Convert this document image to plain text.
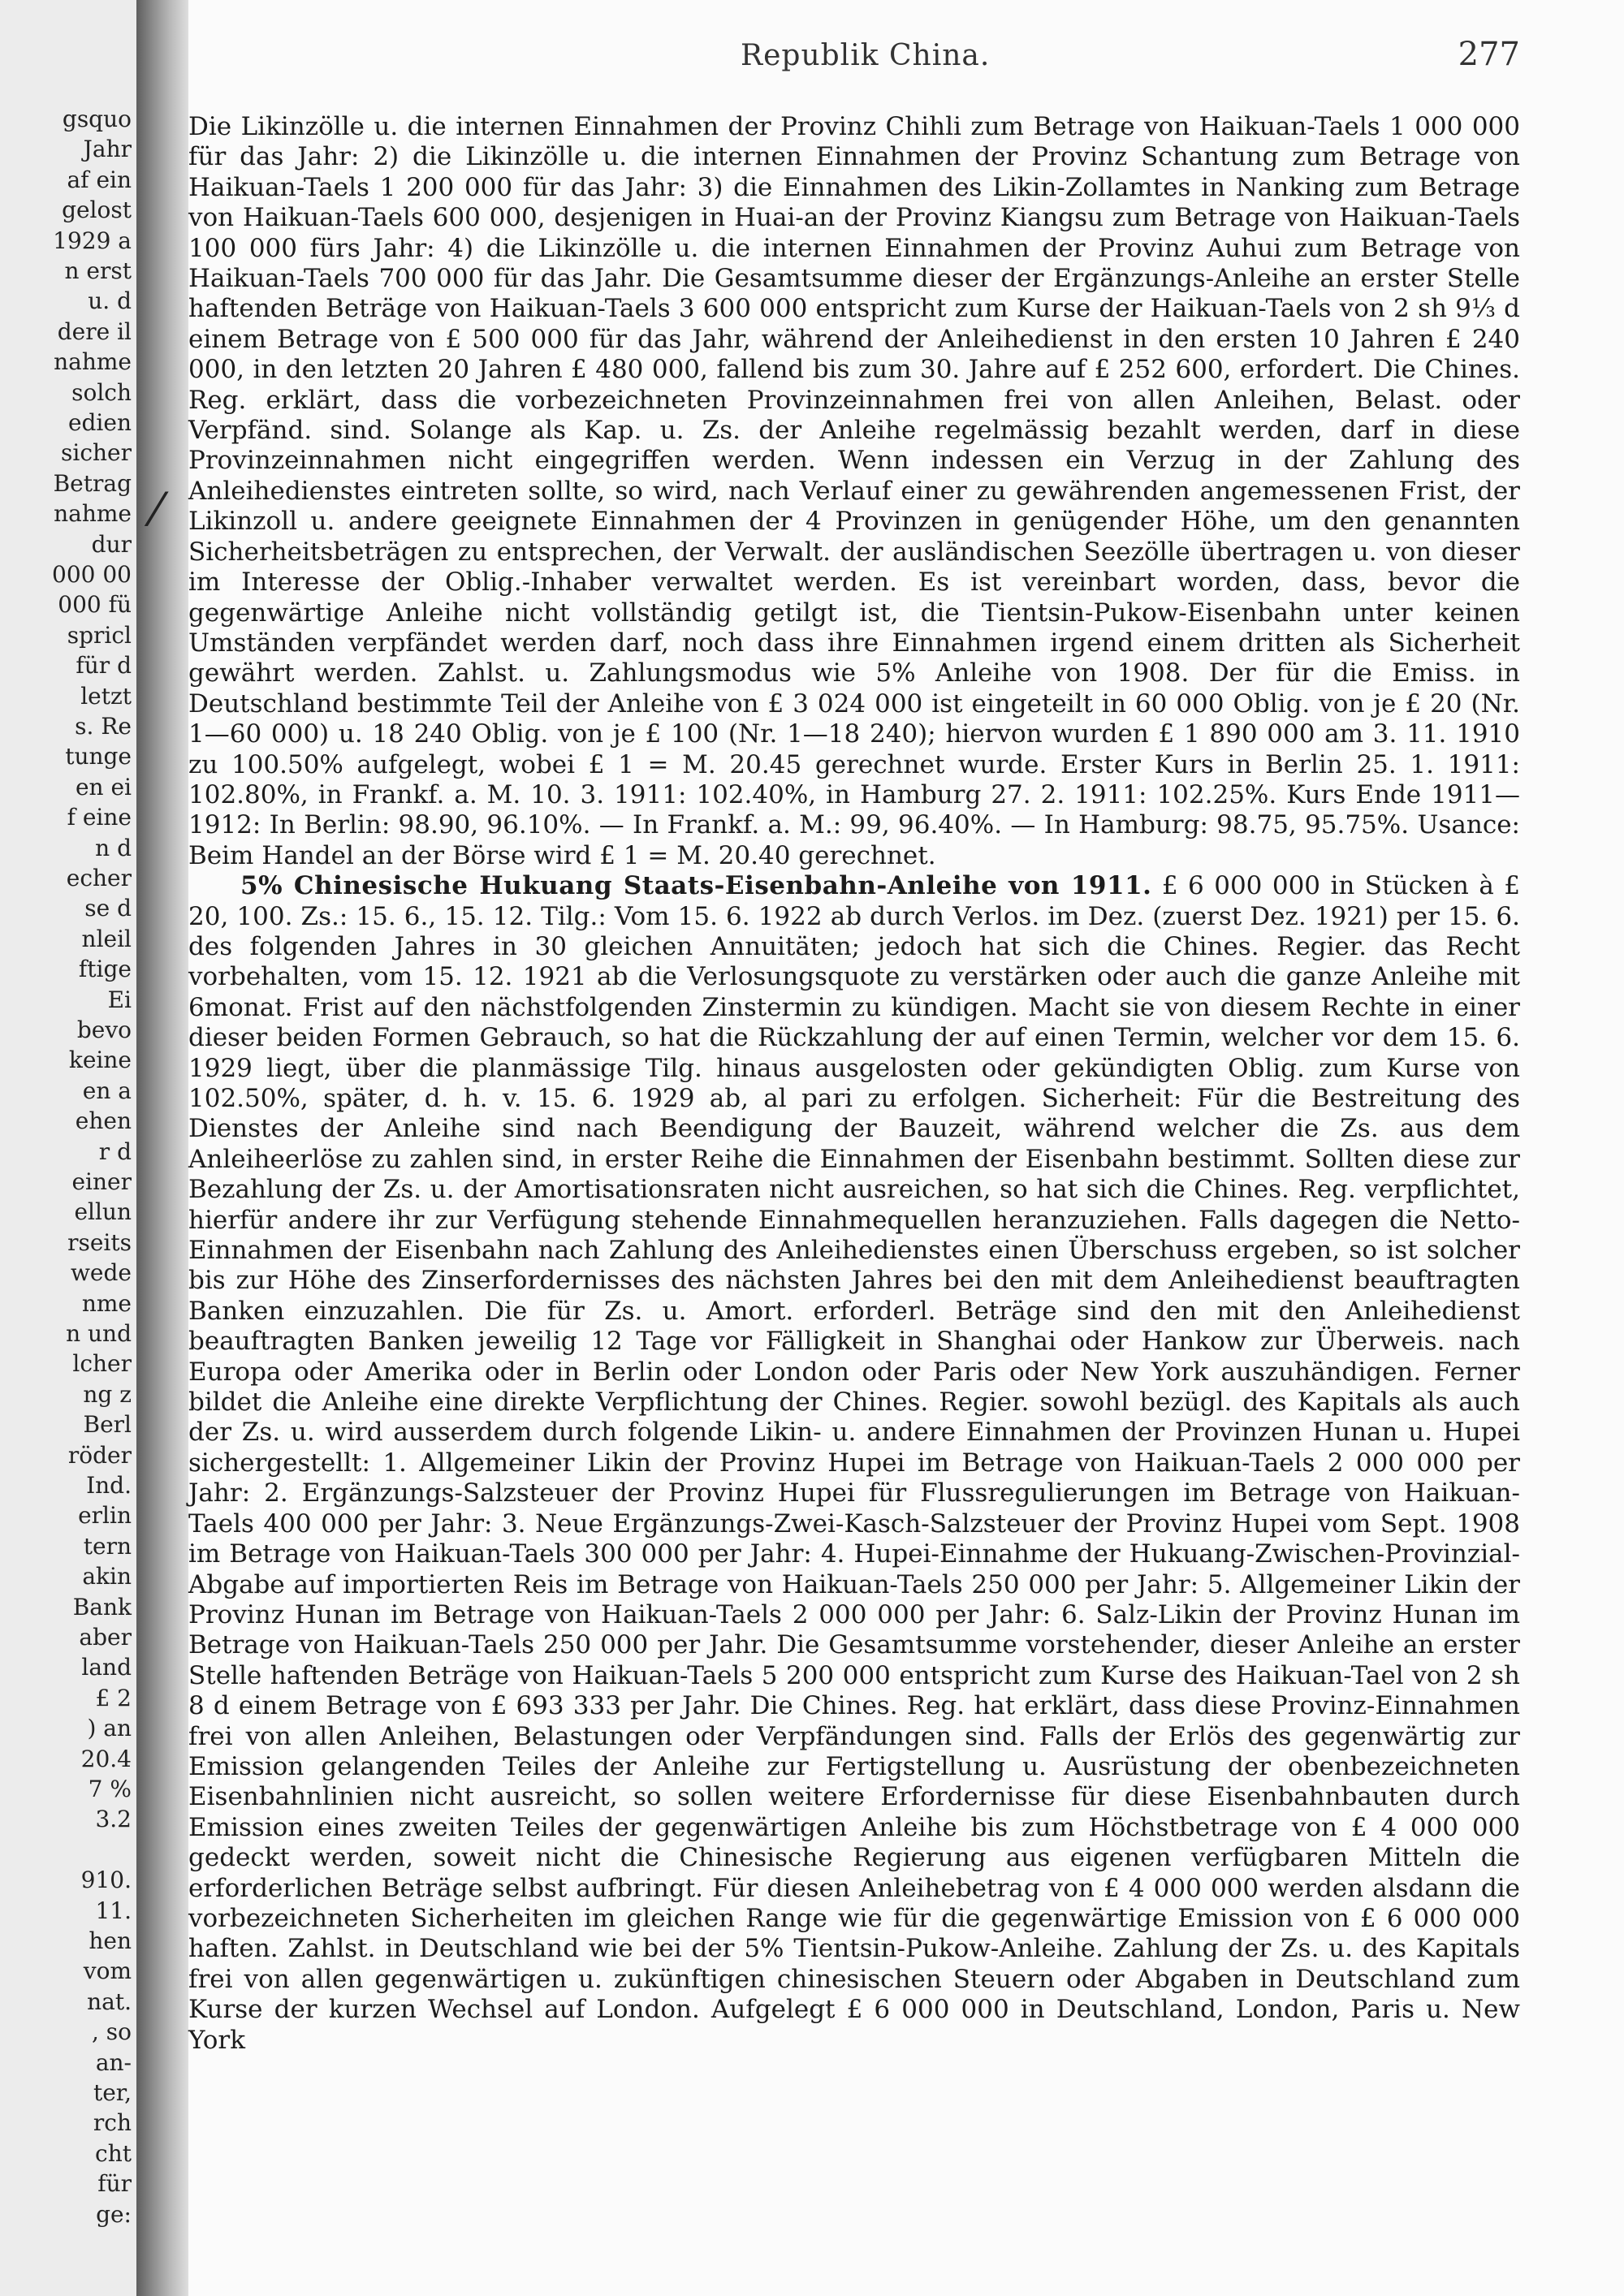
gsquo
Jahr
af ein
gelost
1929 a
n erst
u. d
dere il
nahme
solch
edien
sicher
Betrag
nahme
dur
000 00
000 fü
spricl
für d
letzt
s. Re
tunge
en ei
f eine
n d
echer
se d
nleil
ftige
Ei
bevo
keine
en a
ehen
r d
einer
ellun
rseits
wede
nme
n und
lcher
ng z
Berl
röder
Ind.
erlin
tern
akin
Bank
aber
land
£ 2
) an
20.4
7 %
3.2
910.
11.
hen
vom
nat.
, so
an-
ter,
rch
cht
für
ge:
⁄
Republik China.	277

Die Likinzölle u. die internen Einnahmen der Provinz Chihli zum Betrage von Haikuan-Taels 1 000 000 für das Jahr: 2) die Likinzölle u. die internen Einnahmen der Provinz Schantung zum Betrage von Haikuan-Taels 1 200 000 für das Jahr: 3) die Einnahmen des Likin-Zollamtes in Nanking zum Betrage von Haikuan-Taels 600 000, desjenigen in Huai-an der Provinz Kiangsu zum Betrage von Haikuan-Taels 100 000 fürs Jahr: 4) die Likinzölle u. die internen Einnahmen der Provinz Auhui zum Betrage von Haikuan-Taels 700 000 für das Jahr. Die Gesamtsumme dieser der Ergänzungs-Anleihe an erster Stelle haftenden Beträge von Haikuan-Taels 3 600 000 entspricht zum Kurse der Haikuan-Taels von 2 sh 9⅓ d einem Betrage von £ 500 000 für das Jahr, während der Anleihedienst in den ersten 10 Jahren £ 240 000, in den letzten 20 Jahren £ 480 000, fallend bis zum 30. Jahre auf £ 252 600, erfordert. Die Chines. Reg. erklärt, dass die vorbezeichneten Provinzeinnahmen frei von allen Anleihen, Belast. oder Verpfänd. sind. Solange als Kap. u. Zs. der Anleihe regelmässig bezahlt werden, darf in diese Provinzeinnahmen nicht eingegriffen werden. Wenn indessen ein Verzug in der Zahlung des Anleihedienstes eintreten sollte, so wird, nach Verlauf einer zu gewährenden angemessenen Frist, der Likinzoll u. andere geeignete Einnahmen der 4 Provinzen in genügender Höhe, um den genannten Sicherheitsbeträgen zu entsprechen, der Verwalt. der ausländischen Seezölle übertragen u. von dieser im Interesse der Oblig.-Inhaber verwaltet werden. Es ist vereinbart worden, dass, bevor die gegenwärtige Anleihe nicht vollständig getilgt ist, die Tientsin-Pukow-Eisenbahn unter keinen Umständen verpfändet werden darf, noch dass ihre Einnahmen irgend einem dritten als Sicherheit gewährt werden. Zahlst. u. Zahlungsmodus wie 5% Anleihe von 1908. Der für die Emiss. in Deutschland bestimmte Teil der Anleihe von £ 3 024 000 ist eingeteilt in 60 000 Oblig. von je £ 20 (Nr. 1—60 000) u. 18 240 Oblig. von je £ 100 (Nr. 1—18 240); hiervon wurden £ 1 890 000 am 3. 11. 1910 zu 100.50% aufgelegt, wobei £ 1 = M. 20.45 gerechnet wurde. Erster Kurs in Berlin 25. 1. 1911: 102.80%, in Frankf. a. M. 10. 3. 1911: 102.40%, in Hamburg 27. 2. 1911: 102.25%. Kurs Ende 1911—1912: In Berlin: 98.90, 96.10%. — In Frankf. a. M.: 99, 96.40%. — In Hamburg: 98.75, 95.75%. Usance: Beim Handel an der Börse wird £ 1 = M. 20.40 gerechnet.

5% Chinesische Hukuang Staats-Eisenbahn-Anleihe von 1911. £ 6 000 000 in Stücken à £ 20, 100. Zs.: 15. 6., 15. 12. Tilg.: Vom 15. 6. 1922 ab durch Verlos. im Dez. (zuerst Dez. 1921) per 15. 6. des folgenden Jahres in 30 gleichen Annuitäten; jedoch hat sich die Chines. Regier. das Recht vorbehalten, vom 15. 12. 1921 ab die Verlosungsquote zu verstärken oder auch die ganze Anleihe mit 6monat. Frist auf den nächstfolgenden Zinstermin zu kündigen. Macht sie von diesem Rechte in einer dieser beiden Formen Gebrauch, so hat die Rückzahlung der auf einen Termin, welcher vor dem 15. 6. 1929 liegt, über die planmässige Tilg. hinaus ausgelosten oder gekündigten Oblig. zum Kurse von 102.50%, später, d. h. v. 15. 6. 1929 ab, al pari zu erfolgen. Sicherheit: Für die Bestreitung des Dienstes der Anleihe sind nach Beendigung der Bauzeit, während welcher die Zs. aus dem Anleiheerlöse zu zahlen sind, in erster Reihe die Einnahmen der Eisenbahn bestimmt. Sollten diese zur Bezahlung der Zs. u. der Amortisationsraten nicht ausreichen, so hat sich die Chines. Reg. verpflichtet, hierfür andere ihr zur Verfügung stehende Einnahmequellen heranzuziehen. Falls dagegen die Netto-Einnahmen der Eisenbahn nach Zahlung des Anleihedienstes einen Überschuss ergeben, so ist solcher bis zur Höhe des Zinserfordernisses des nächsten Jahres bei den mit dem Anleihedienst beauftragten Banken einzuzahlen. Die für Zs. u. Amort. erforderl. Beträge sind den mit den Anleihedienst beauftragten Banken jeweilig 12 Tage vor Fälligkeit in Shanghai oder Hankow zur Überweis. nach Europa oder Amerika oder in Berlin oder London oder Paris oder New York auszuhändigen. Ferner bildet die Anleihe eine direkte Verpflichtung der Chines. Regier. sowohl bezügl. des Kapitals als auch der Zs. u. wird ausserdem durch folgende Likin- u. andere Einnahmen der Provinzen Hunan u. Hupei sichergestellt: 1. Allgemeiner Likin der Provinz Hupei im Betrage von Haikuan-Taels 2 000 000 per Jahr: 2. Ergänzungs-Salzsteuer der Provinz Hupei für Flussregulierungen im Betrage von Haikuan-Taels 400 000 per Jahr: 3. Neue Ergänzungs-Zwei-Kasch-Salzsteuer der Provinz Hupei vom Sept. 1908 im Betrage von Haikuan-Taels 300 000 per Jahr: 4. Hupei-Einnahme der Hukuang-Zwischen-Provinzial-Abgabe auf importierten Reis im Betrage von Haikuan-Taels 250 000 per Jahr: 5. Allgemeiner Likin der Provinz Hunan im Betrage von Haikuan-Taels 2 000 000 per Jahr: 6. Salz-Likin der Provinz Hunan im Betrage von Haikuan-Taels 250 000 per Jahr. Die Gesamtsumme vorstehender, dieser Anleihe an erster Stelle haftenden Beträge von Haikuan-Taels 5 200 000 entspricht zum Kurse des Haikuan-Tael von 2 sh 8 d einem Betrage von £ 693 333 per Jahr. Die Chines. Reg. hat erklärt, dass diese Provinz-Einnahmen frei von allen Anleihen, Belastungen oder Verpfändungen sind. Falls der Erlös des gegenwärtig zur Emission gelangenden Teiles der Anleihe zur Fertigstellung u. Ausrüstung der obenbezeichneten Eisenbahnlinien nicht ausreicht, so sollen weitere Erfordernisse für diese Eisenbahnbauten durch Emission eines zweiten Teiles der gegenwärtigen Anleihe bis zum Höchstbetrage von £ 4 000 000 gedeckt werden, soweit nicht die Chinesische Regierung aus eigenen verfügbaren Mitteln die erforderlichen Beträge selbst aufbringt. Für diesen Anleihebetrag von £ 4 000 000 werden alsdann die vorbezeichneten Sicherheiten im gleichen Range wie für die gegenwärtige Emission von £ 6 000 000 haften. Zahlst. in Deutschland wie bei der 5% Tientsin-Pukow-Anleihe. Zahlung der Zs. u. des Kapitals frei von allen gegenwärtigen u. zukünftigen chinesischen Steuern oder Abgaben in Deutschland zum Kurse der kurzen Wechsel auf London. Aufgelegt £ 6 000 000 in Deutschland, London, Paris u. New York
